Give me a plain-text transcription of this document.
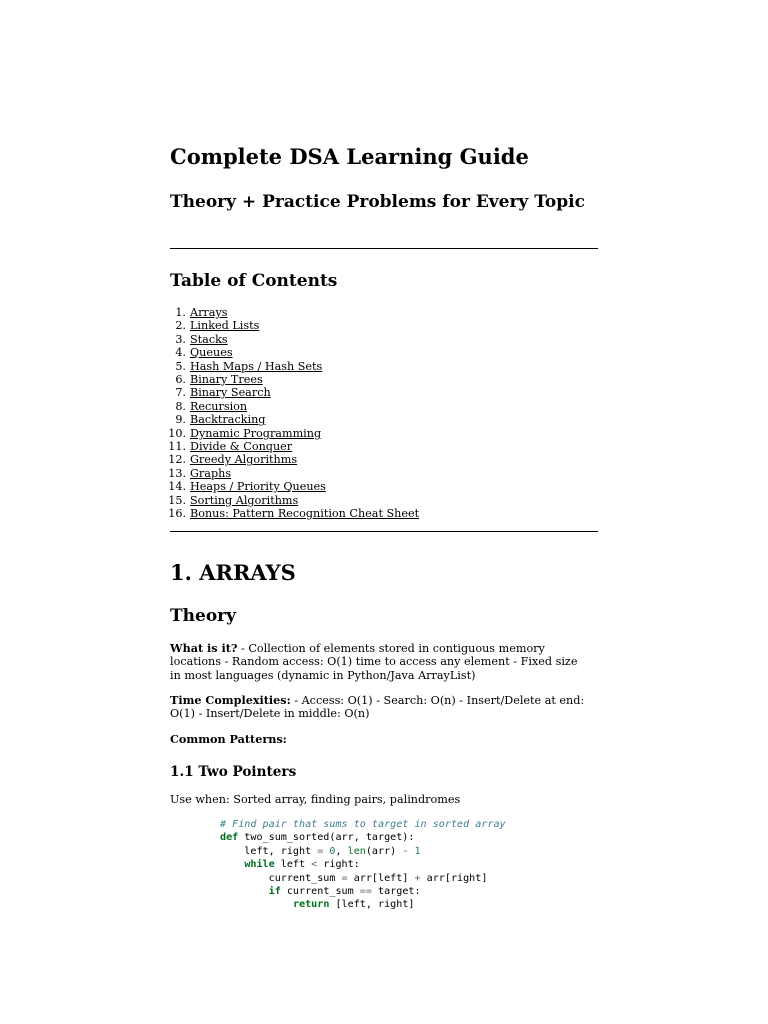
Complete DSA Learning Guide
Theory + Practice Problems for Every Topic
Table of Contents
1. Arrays
2. Linked Lists
3. Stacks
4. Queues
5. Hash Maps / Hash Sets
6. Binary Trees
7. Binary Search
8. Recursion
9. Backtracking
10. Dynamic Programming
11. Divide & Conquer
12. Greedy Algorithms
13. Graphs
14. Heaps / Priority Queues
15. Sorting Algorithms
16. Bonus: Pattern Recognition Cheat Sheet
1. ARRAYS
Theory

What is it? - Collection of elements stored in contiguous memory locations - Random access: O(1) time to access any element - Fixed size in most languages (dynamic in Python/Java ArrayList)

Time Complexities: - Access: O(1) - Search: O(n) - Insert/Delete at end: O(1) - Insert/Delete in middle: O(n)

Common Patterns:

1.1 Two Pointers

Use when: Sorted array, finding pairs, palindromes

# Find pair that sums to target in sorted array
def two_sum_sorted(arr, target):
left, right = 0, len(arr) - 1
while left < right:
current_sum = arr[left] + arr[right]
if current_sum == target:
return [left, right]
